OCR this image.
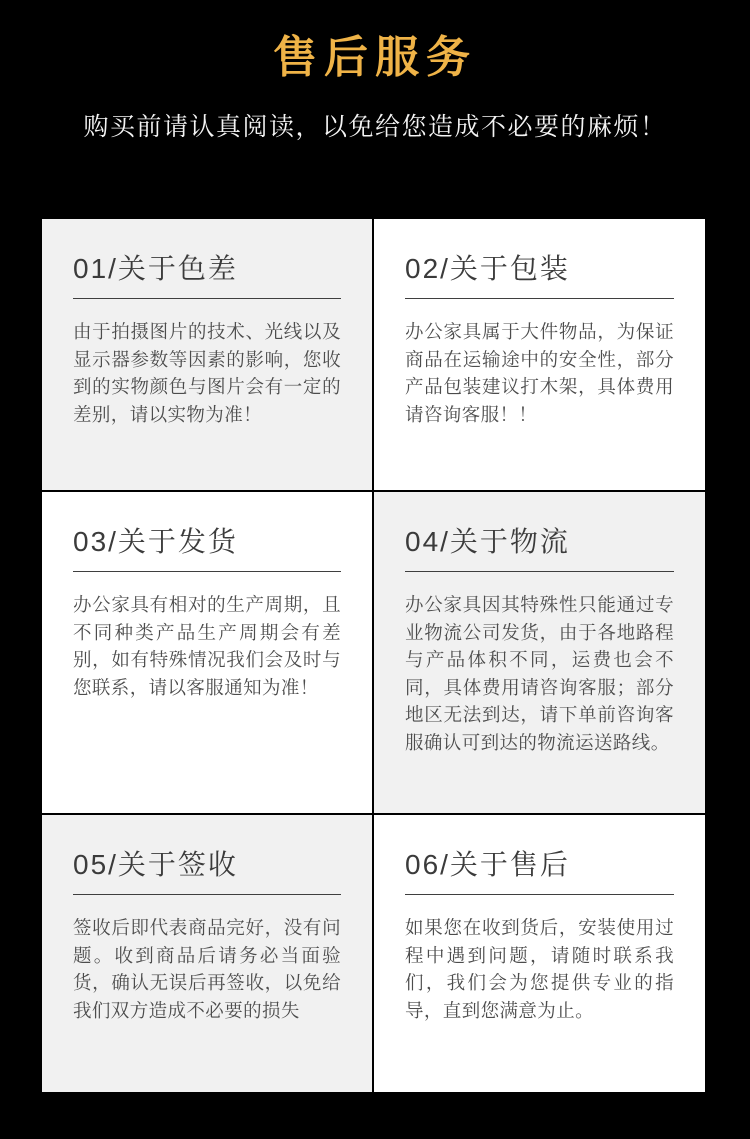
售后服务
购买前请认真阅读，以免给您造成不必要的麻烦！
01/关于色差

由于拍摄图片的技术、光线以及显示器参数等因素的影响，您收到的实物颜色与图片会有一定的差别，请以实物为准！

02/关于包装

办公家具属于大件物品，为保证商品在运输途中的安全性，部分产品包装建议打木架，具体费用请咨询客服！！

03/关于发货

办公家具有相对的生产周期，且不同种类产品生产周期会有差别，如有特殊情况我们会及时与您联系，请以客服通知为准！

04/关于物流

办公家具因其特殊性只能通过专业物流公司发货，由于各地路程与产品体积不同，运费也会不同，具体费用请咨询客服；部分地区无法到达，请下单前咨询客服确认可到达的物流运送路线。

05/关于签收

签收后即代表商品完好，没有问题。收到商品后请务必当面验货，确认无误后再签收，以免给我们双方造成不必要的损失

06/关于售后

如果您在收到货后，安装使用过程中遇到问题，请随时联系我们，我们会为您提供专业的指导，直到您满意为止。
